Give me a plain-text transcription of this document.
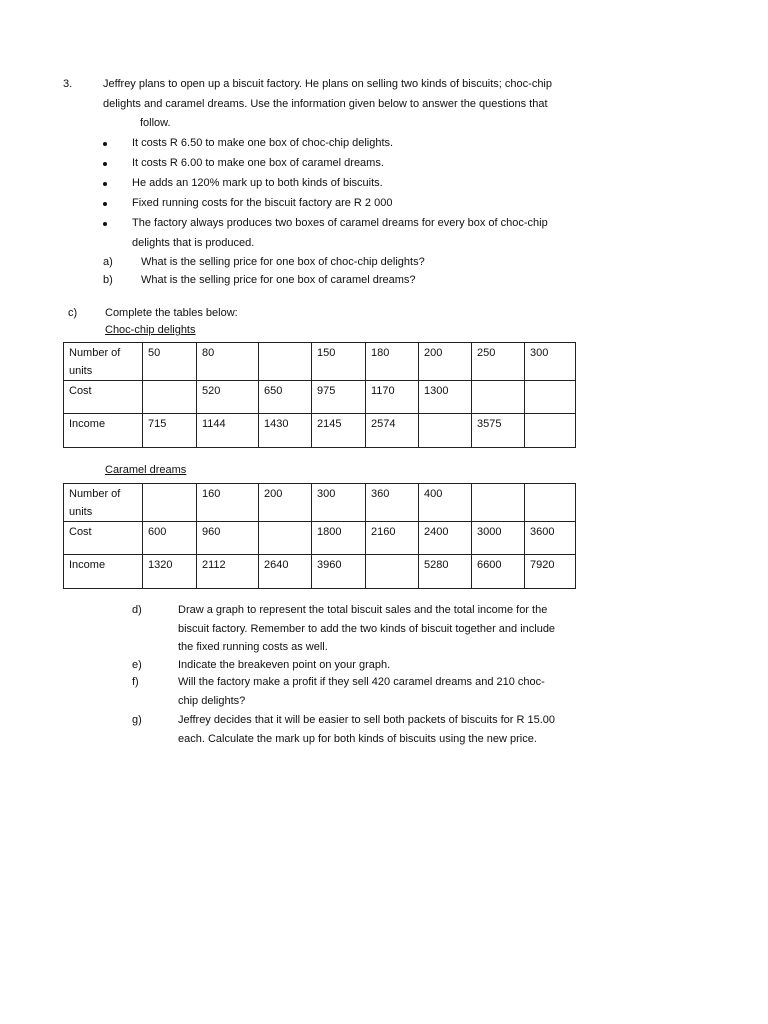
3.	Jeffrey plans to open up a biscuit factory. He plans on selling two kinds of biscuits; choc-chip
delights and caramel dreams. Use the information given below to answer the questions that
follow.
It costs R 6.50 to make one box of choc-chip delights.
It costs R 6.00 to make one box of caramel dreams.
He adds an 120% mark up to both kinds of biscuits.
Fixed running costs for the biscuit factory are R 2 000
The factory always produces two boxes of caramel dreams for every box of choc-chip
delights that is produced.
a)	What is the selling price for one box of choc-chip delights?
b)	What is the selling price for one box of caramel dreams?
c)	Complete the tables below:
Choc-chip delights
Number of
units	50	80		150	180	200	250	300
Cost		520	650	975	1170	1300		
Income	715	1144	1430	2145	2574		3575	
Caramel dreams
Number of
units		160	200	300	360	400		
Cost	600	960		1800	2160	2400	3000	3600
Income	1320	2112	2640	3960		5280	6600	7920
d)	Draw a graph to represent the total biscuit sales and the total income for the
biscuit factory. Remember to add the two kinds of biscuit together and include
the fixed running costs as well.
e)	Indicate the breakeven point on your graph.
f)	Will the factory make a profit if they sell 420 caramel dreams and 210 choc-
chip delights?
g)	Jeffrey decides that it will be easier to sell both packets of biscuits for R 15.00
each. Calculate the mark up for both kinds of biscuits using the new price.
